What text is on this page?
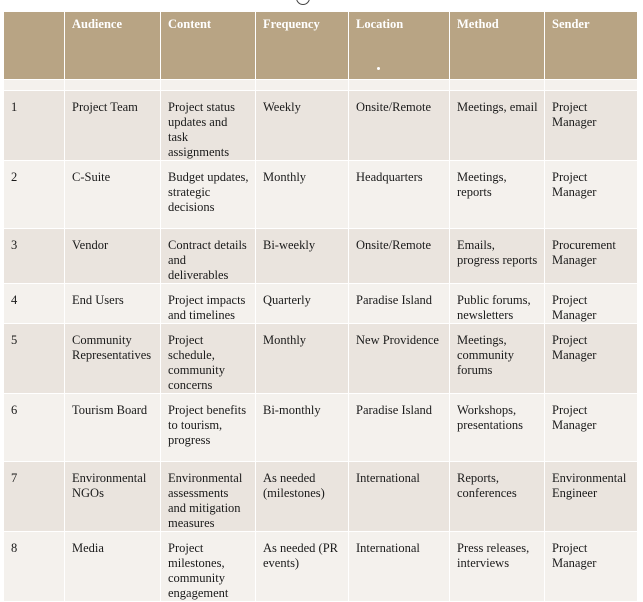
	Audience	Content	Frequency	Location	Method	Sender

1	Project Team	Project status updates and task assignments	Weekly	Onsite/Remote	Meetings, email	Project Manager
2	C-Suite	Budget updates, strategic decisions	Monthly	Headquarters	Meetings, reports	Project Manager
3	Vendor	Contract details and deliverables	Bi-weekly	Onsite/Remote	Emails, progress reports	Procurement Manager
4	End Users	Project impacts and timelines	Quarterly	Paradise Island	Public forums, newsletters	Project Manager
5	Community Representatives	Project schedule, community concerns	Monthly	New Providence	Meetings, community forums	Project Manager
6	Tourism Board	Project benefits to tourism, progress	Bi-monthly	Paradise Island	Workshops, presentations	Project Manager
7	Environmental NGOs	Environmental assessments and mitigation measures	As needed (milestones)	International	Reports, conferences	Environmental Engineer
8	Media	Project milestones, community engagement	As needed (PR events)	International	Press releases, interviews	Project Manager
